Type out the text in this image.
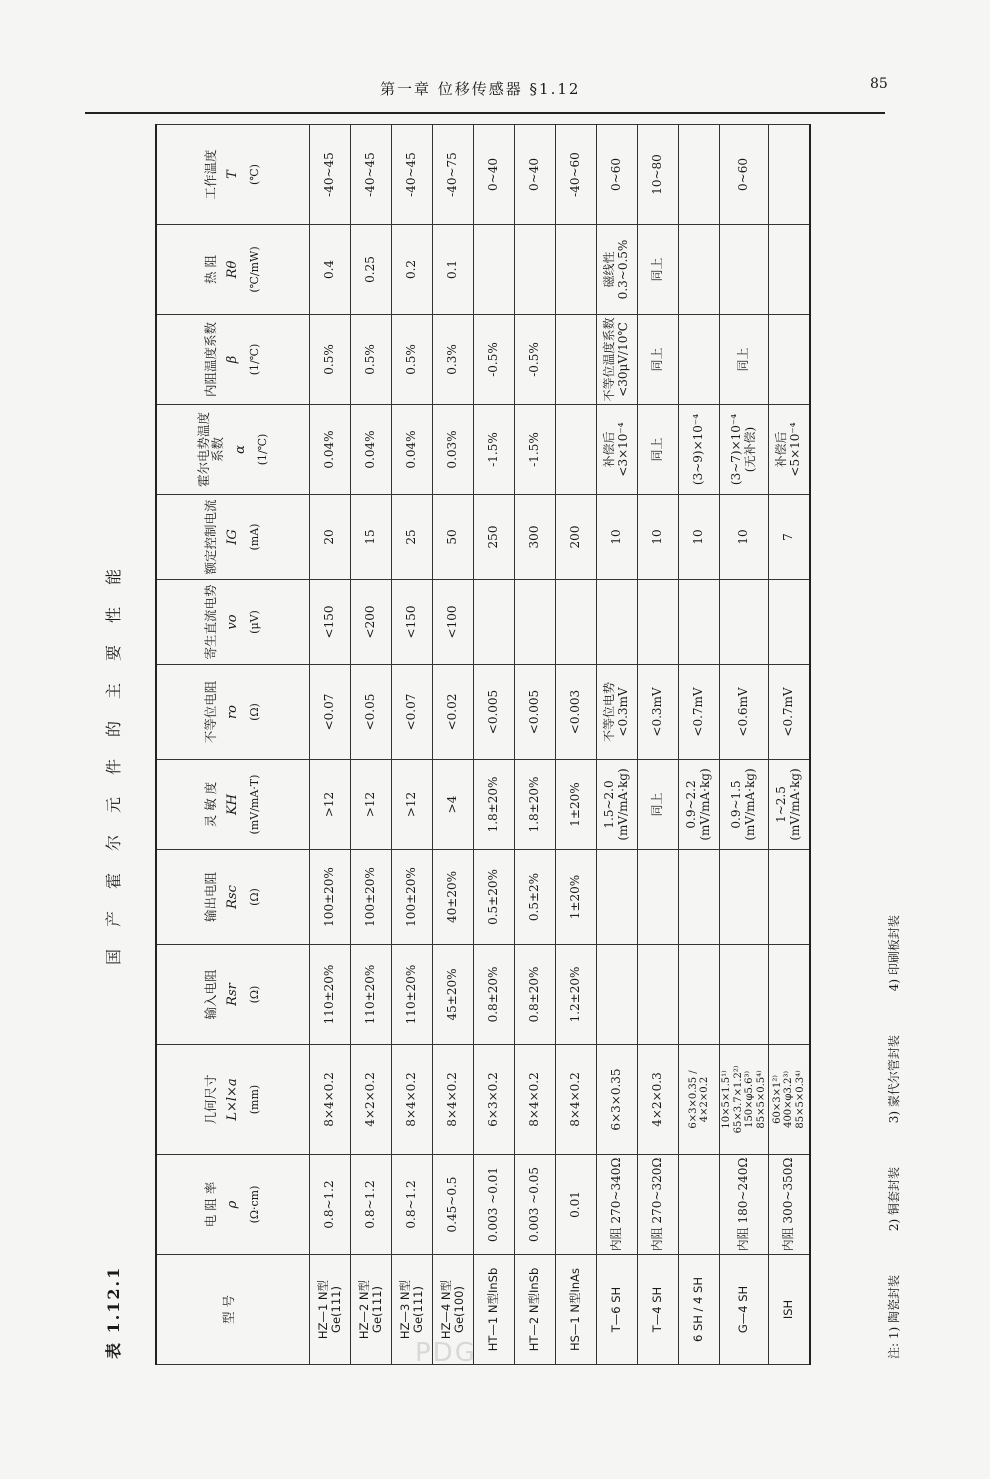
第一章 位移传感器 §1.12	85
表 1.12.1
国产霍尔元件的主要性能
型 号	电 阻 率 ρ (Ω·cm)	几何尺寸 L×l×a (mm)	输入电阻 Rsr (Ω)	输出电阻 Rsc (Ω)	灵 敏 度 KH (mV/mA·T)	不等位电阻 ro (Ω)	寄生直流电势 vo (μV)	额定控制电流 IG (mA)	霍尔电势温度系数 α (1/℃)	内阻温度系数 β (1/℃)	热 阻 Rθ (℃/mW)	工作温度 T (℃)

HZ—1 N型Ge(111)	0.8~1.2	8×4×0.2	110±20%	100±20%	>12	<0.07	<150	20	0.04%	0.5%	0.4	-40~45
HZ—2 N型Ge(111)	0.8~1.2	4×2×0.2	110±20%	100±20%	>12	<0.05	<200	15	0.04%	0.5%	0.25	-40~45
HZ—3 N型Ge(111)	0.8~1.2	8×4×0.2	110±20%	100±20%	>12	<0.07	<150	25	0.04%	0.5%	0.2	-40~45
HZ—4 N型Ge(100)	0.45~0.5	8×4×0.2	45±20%	40±20%	>4	<0.02	<100	50	0.03%	0.3%	0.1	-40~75
HT—1 N型InSb	0.003 ~0.01	6×3×0.2	0.8±20%	0.5±20%	1.8±20%	<0.005		250	-1.5%	-0.5%		0~40
HT—2 N型InSb	0.003 ~0.05	8×4×0.2	0.8±20%	0.5±2%	1.8±20%	<0.005		300	-1.5%	-0.5%		0~40
HS—1 N型InAs	0.01	8×4×0.2	1.2±20%	1±20%	1±20%	<0.003		200				-40~60
T—6 SH	内阻 270~340Ω	6×3×0.35			1.5~2.0 (mV/mA·kg)	不等位电势 <0.3mV		10	补偿后 <3×10⁻⁴	不等位温度系数 <30μV/10℃	磁线性 0.3~0.5%	0~60
T—4 SH	内阻 270~320Ω	4×2×0.3			同上	<0.3mV		10	同上	同上	同上	10~80
6 SH / 4 SH		6×3×0.35 / 4×2×0.2			0.9~2.2 (mV/mA·kg)	<0.7mV		10	(3~9)×10⁻⁴			
G—4 SH	内阻 180~240Ω	10×5×1.5¹⁾ 65×3.7×1.2²⁾ 150×φ5.6³⁾ 85×5×0.5⁴⁾			0.9~1.5 (mV/mA·kg)	<0.6mV		10	(3~7)×10⁻⁴ (无补偿)	同上		0~60
ISH	内阻 300~350Ω	60×3×1²⁾ 400×φ3.2³⁾ 85×5×0.3⁴⁾			1~2.5 (mV/mA·kg)	<0.7mV		7	补偿后 <5×10⁻⁴			
注: 1) 陶瓷封装 2) 铜套封装 3) 蒙代尔管封装 4) 印刷板封装
PDG
